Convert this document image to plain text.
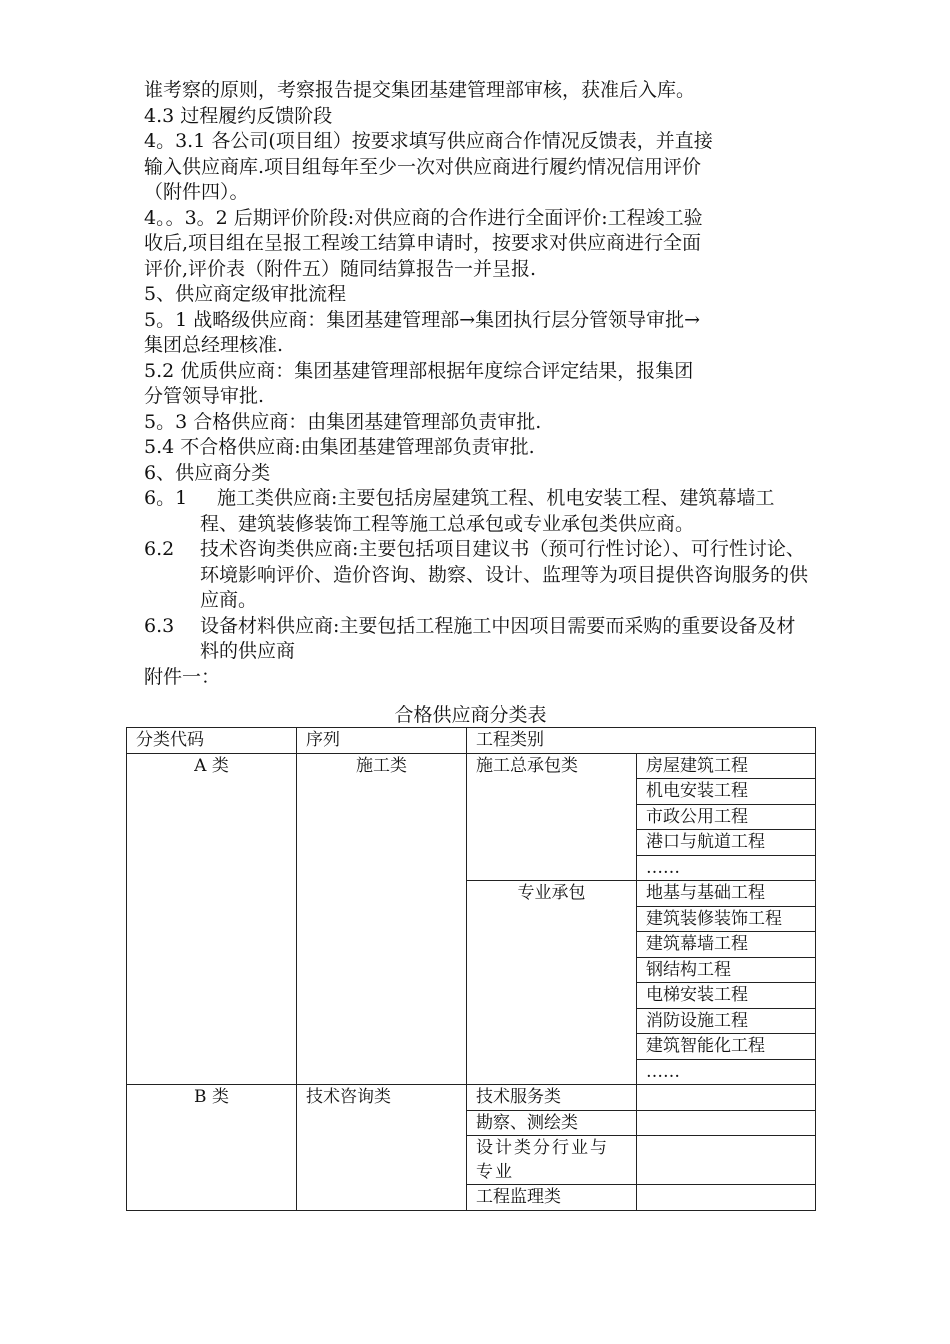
谁考察的原则，考察报告提交集团基建管理部审核，获准后入库。

4.3 过程履约反馈阶段

4。3.1 各公司(项目组）按要求填写供应商合作情况反馈表，并直接

输入供应商库.项目组每年至少一次对供应商进行履约情况信用评价

（附件四）。

4。。3。2 后期评价阶段:对供应商的合作进行全面评价:工程竣工验

收后,项目组在呈报工程竣工结算申请时，按要求对供应商进行全面

评价,评价表（附件五）随同结算报告一并呈报.

5、供应商定级审批流程

5。1 战略级供应商：集团基建管理部→集团执行层分管领导审批→

集团总经理核准.

5.2 优质供应商：集团基建管理部根据年度综合评定结果，报集团

分管领导审批.

5。3 合格供应商：由集团基建管理部负责审批.

5.4 不合格供应商:由集团基建管理部负责审批.

6、供应商分类

6。1	施工类供应商:主要包括房屋建筑工程、机电安装工程、建筑幕墙工程、建筑装修装饰工程等施工总承包或专业承包类供应商。
6.2	技术咨询类供应商:主要包括项目建议书（预可行性讨论）、可行性讨论、环境影响评价、造价咨询、勘察、设计、监理等为项目提供咨询服务的供应商。
6.3	设备材料供应商:主要包括工程施工中因项目需要而采购的重要设备及材料的供应商

附件一：

合格供应商分类表
分类代码	序列	工程类别	
A 类	施工类	施工总承包类	房屋建筑工程
			机电安装工程
			市政公用工程
			港口与航道工程
			……
		专业承包	地基与基础工程
			建筑装修装饰工程
			建筑幕墙工程
			钢结构工程
			电梯安装工程
			消防设施工程
			建筑智能化工程
			……
B 类	技术咨询类	技术服务类	
		勘察、测绘类	
		设计类分行业与专业	
		工程监理类	
